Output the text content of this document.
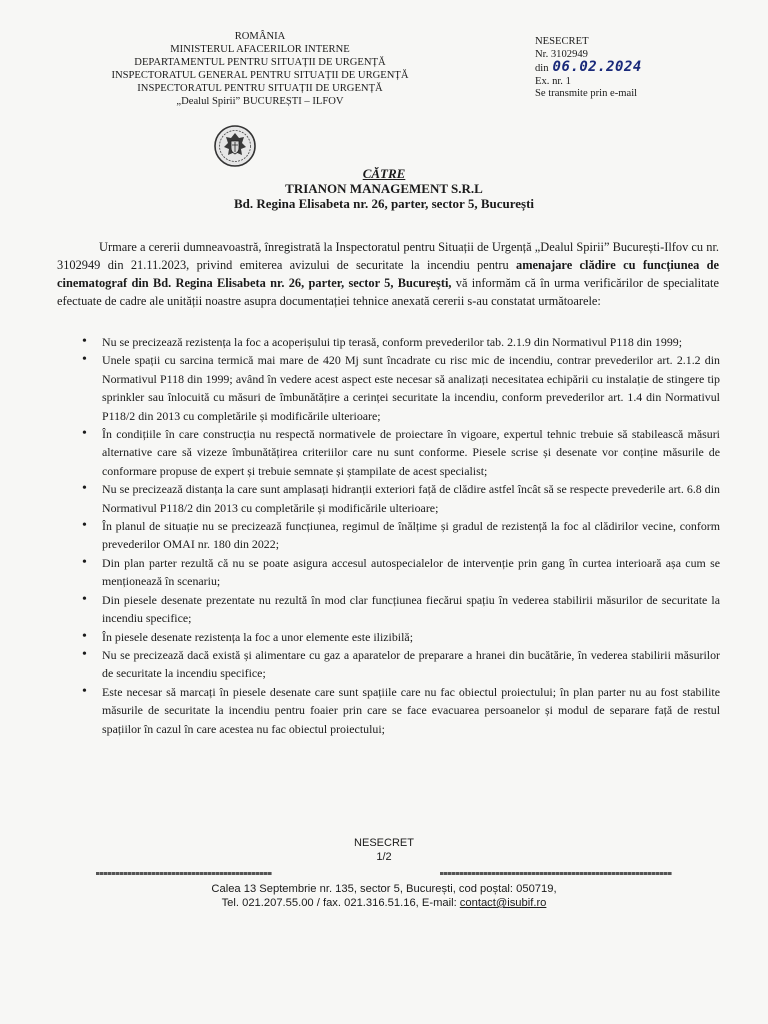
ROMÂNIA
MINISTERUL AFACERILOR INTERNE
DEPARTAMENTUL PENTRU SITUAȚII DE URGENȚĂ
INSPECTORATUL GENERAL PENTRU SITUAȚII DE URGENȚĂ
INSPECTORATUL PENTRU SITUAȚII DE URGENȚĂ
„Dealul Spirii” BUCUREȘTI – ILFOV
NESECRET
Nr. 3102949
din 06.02.2024
Ex. nr. 1
Se transmite prin e-mail
CĂTRE
TRIANON MANAGEMENT S.R.L
Bd. Regina Elisabeta nr. 26, parter, sector 5, București
Urmare a cererii dumneavoastră, înregistrată la Inspectoratul pentru Situații de Urgență „Dealul Spirii” București-Ilfov cu nr. 3102949 din 21.11.2023, privind emiterea avizului de securitate la incendiu pentru amenajare clădire cu funcțiunea de cinematograf din Bd. Regina Elisabeta nr. 26, parter, sector 5, București, vă informăm că în urma verificărilor de specialitate efectuate de cadre ale unității noastre asupra documentației tehnice anexată cererii s-au constatat următoarele:
• Nu se precizează rezistența la foc a acoperișului tip terasă, conform prevederilor tab. 2.1.9 din Normativul P118 din 1999;
• Unele spații cu sarcina termică mai mare de 420 Mj sunt încadrate cu risc mic de incendiu, contrar prevederilor art. 2.1.2 din Normativul P118 din 1999; având în vedere acest aspect este necesar să analizați necesitatea echipării cu instalație de stingere tip sprinkler sau înlocuită cu măsuri de îmbunătățire a cerinței securitate la incendiu, conform prevederilor art. 1.4 din Normativul P118/2 din 2013 cu completările și modificările ulterioare;
• În condițiile în care construcția nu respectă normativele de proiectare în vigoare, expertul tehnic trebuie să stabilească măsuri alternative care să vizeze îmbunătățirea criteriilor care nu sunt conforme. Piesele scrise și desenate vor conține măsurile de conformare propuse de expert și trebuie semnate și ștampilate de acest specialist;
• Nu se precizează distanța la care sunt amplasați hidranții exteriori față de clădire astfel încât să se respecte prevederile art. 6.8 din Normativul P118/2 din 2013 cu completările și modificările ulterioare;
• În planul de situație nu se precizează funcțiunea, regimul de înălțime și gradul de rezistență la foc al clădirilor vecine, conform prevederilor OMAI nr. 180 din 2022;
• Din plan parter rezultă că nu se poate asigura accesul autospecialelor de intervenție prin gang în curtea interioară așa cum se menționează în scenariu;
• Din piesele desenate prezentate nu rezultă în mod clar funcțiunea fiecărui spațiu în vederea stabilirii măsurilor de securitate la incendiu specifice;
• În piesele desenate rezistența la foc a unor elemente este ilizibilă;
• Nu se precizează dacă există și alimentare cu gaz a aparatelor de preparare a hranei din bucătărie, în vederea stabilirii măsurilor de securitate la incendiu specifice;
• Este necesar să marcați în piesele desenate care sunt spațiile care nu fac obiectul proiectului; în plan parter nu au fost stabilite măsurile de securitate la incendiu pentru foaier prin care se face evacuarea persoanelor și modul de separare față de restul spațiilor în cazul în care acestea nu fac obiectul proiectului;
NESECRET
1/2
Calea 13 Septembrie nr. 135, sector 5, București, cod poștal: 050719,
Tel. 021.207.55.00 / fax. 021.316.51.16, E-mail: contact@isubif.ro
